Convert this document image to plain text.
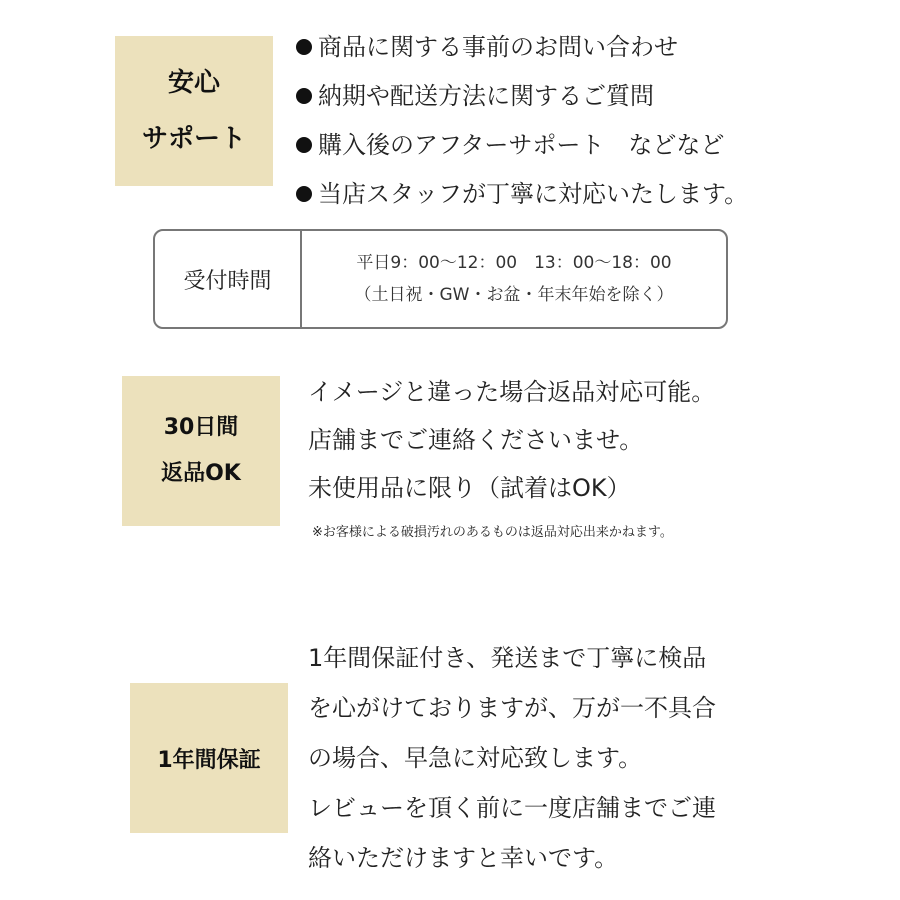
安心
サポート
商品に関する事前のお問い合わせ
納期や配送方法に関するご質問
購入後のアフターサポート　などなど
当店スタッフが丁寧に対応いたします。
受付時間
平日9：00～12：00　13：00～18：00
（土日祝・GW・お盆・年末年始を除く）
30日間
返品OK
イメージと違った場合返品対応可能。
店舗までご連絡くださいませ。
未使用品に限り（試着はOK）
※お客様による破損汚れのあるものは返品対応出来かねます。
1年間保証
1年間保証付き、発送まで丁寧に検品
を心がけておりますが、万が一不具合
の場合、早急に対応致します。
レビューを頂く前に一度店舗までご連
絡いただけますと幸いです。
